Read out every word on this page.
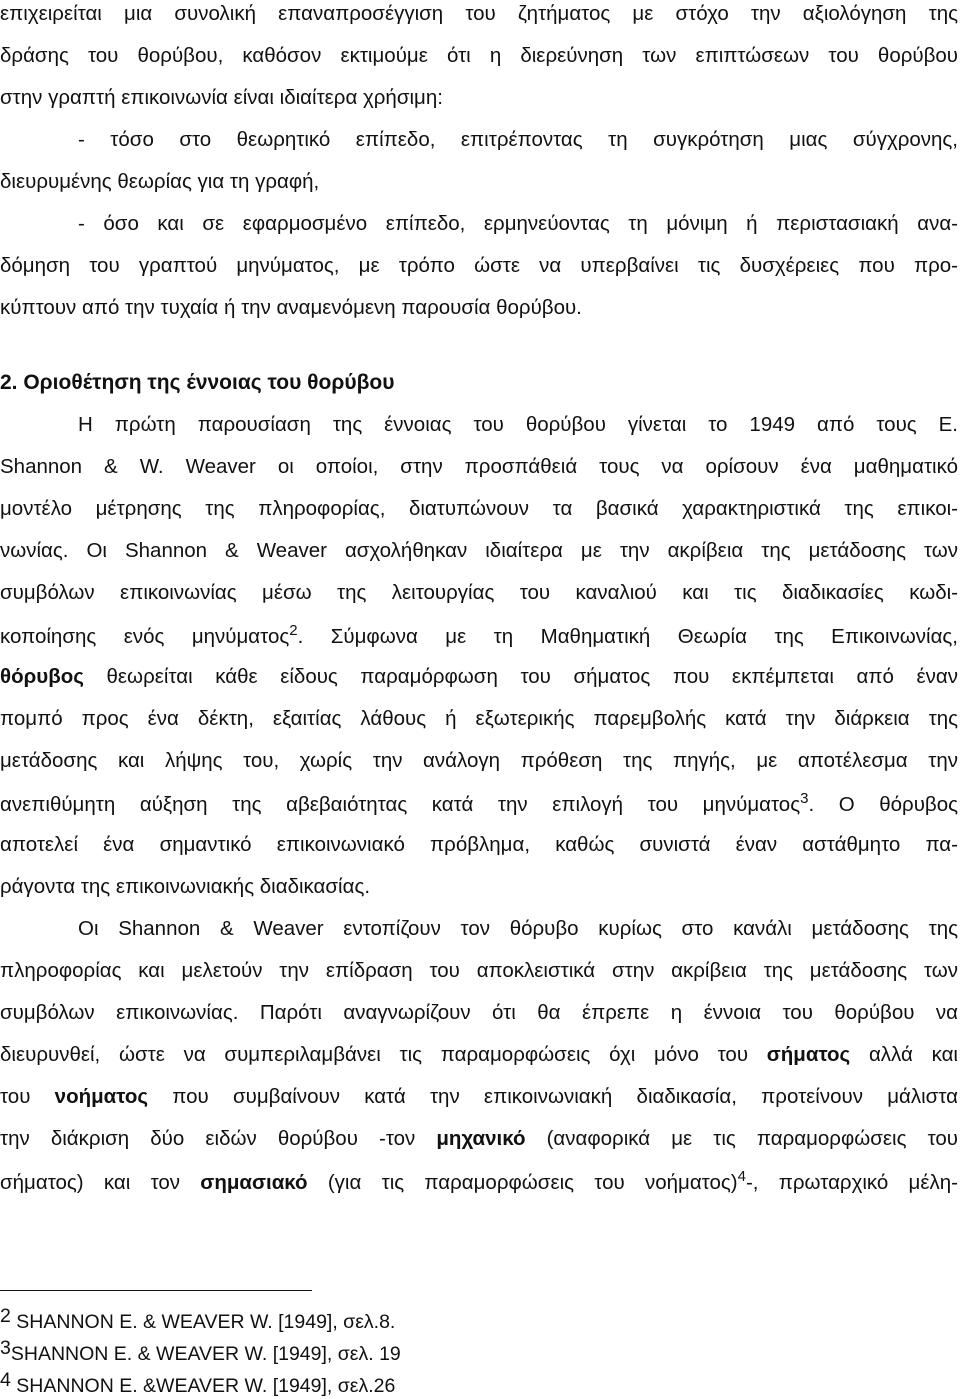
επιχειρείται μια συνολική επαναπροσέγγιση του ζητήματος με στόχο την αξιολόγηση της
δράσης του θορύβου, καθόσον εκτιμούμε ότι η διερεύνηση των επιπτώσεων του θορύβου
στην γραπτή επικοινωνία είναι ιδιαίτερα χρήσιμη:
- τόσο στο θεωρητικό επίπεδο, επιτρέποντας τη συγκρότηση μιας σύγχρονης,
διευρυμένης θεωρίας για τη γραφή,
- όσο και σε εφαρμοσμένο επίπεδο, ερμηνεύοντας τη μόνιμη ή περιστασιακή ανα-
δόμηση του γραπτού μηνύματος, με τρόπο ώστε να υπερβαίνει τις δυσχέρειες που προ-
κύπτουν από την τυχαία ή την αναμενόμενη παρουσία θορύβου.
2. Οριοθέτηση της έννοιας του θορύβου
Η πρώτη παρουσίαση της έννοιας του θορύβου γίνεται το 1949 από τους Ε.
Shannon & W. Weaver οι οποίοι, στην προσπάθειά τους να ορίσουν ένα μαθηματικό
μοντέλο μέτρησης της πληροφορίας, διατυπώνουν τα βασικά χαρακτηριστικά της επικοι-
νωνίας. Οι Shannon & Weaver ασχολήθηκαν ιδιαίτερα με την ακρίβεια της μετάδοσης των
συμβόλων επικοινωνίας μέσω της λειτουργίας του καναλιού και τις διαδικασίες κωδι-
κοποίησης ενός μηνύματος$^2$. Σύμφωνα με τη Μαθηματική Θεωρία της Επικοινωνίας,
θόρυβος θεωρείται κάθε είδους παραμόρφωση του σήματος που εκπέμπεται από έναν
πομπό προς ένα δέκτη, εξαιτίας λάθους ή εξωτερικής παρεμβολής κατά την διάρκεια της
μετάδοσης και λήψης του, χωρίς την ανάλογη πρόθεση της πηγής, με αποτέλεσμα την
ανεπιθύμητη αύξηση της αβεβαιότητας κατά την επιλογή του μηνύματος$^3$. Ο θόρυβος
αποτελεί ένα σημαντικό επικοινωνιακό πρόβλημα, καθώς συνιστά έναν αστάθμητο πα-
ράγοντα της επικοινωνιακής διαδικασίας.
Οι Shannon & Weaver εντοπίζουν τον θόρυβο κυρίως στο κανάλι μετάδοσης της
πληροφορίας και μελετούν την επίδραση του αποκλειστικά στην ακρίβεια της μετάδοσης των
συμβόλων επικοινωνίας. Παρότι αναγνωρίζουν ότι θα έπρεπε η έννοια του θορύβου να
διευρυνθεί, ώστε να συμπεριλαμβάνει τις παραμορφώσεις όχι μόνο του σήματος αλλά και
του νοήματος που συμβαίνουν κατά την επικοινωνιακή διαδικασία, προτείνουν μάλιστα
την διάκριση δύο ειδών θορύβου -τον μηχανικό (αναφορικά με τις παραμορφώσεις του
σήματος) και τον σημασιακό (για τις παραμορφώσεις του νοήματος)$^4$-, πρωταρχικό μέλη-
2 SHANNON E. & WEAVER W. [1949], σελ.8.
3SHANNON E. & WEAVER W. [1949], σελ. 19
4 SHANNON E. &WEAVER W. [1949], σελ.26
